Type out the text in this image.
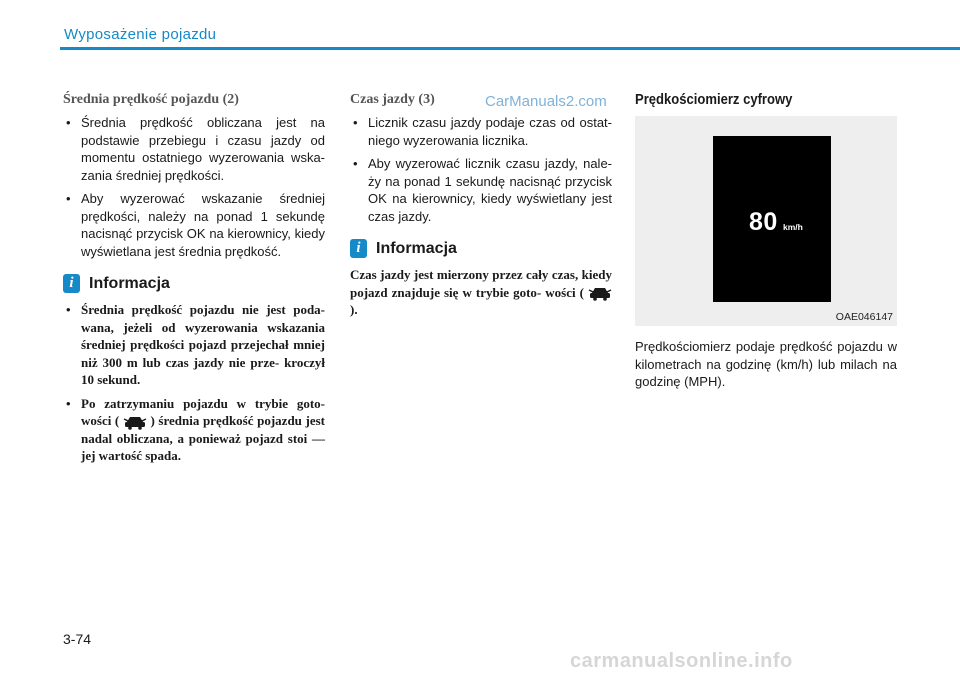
Wyposażenie pojazdu
CarManuals2.com
Średnia prędkość pojazdu (2)
• Średnia prędkość obliczana jest na podstawie przebiegu i czasu jazdy od momentu ostatniego wyzerowania wska- zania średniej prędkości.
• Aby wyzerować wskazanie średniej prędkości, należy na ponad 1 sekundę nacisnąć przycisk OK na kierownicy, kiedy wyświetlana jest średnia prędkość.
i Informacja
• Średnia prędkość pojazdu nie jest poda- wana, jeżeli od wyzerowania wskazania średniej prędkości pojazd przejechał mniej niż 300 m lub czas jazdy nie prze- kroczył 10 sekund.
• Po zatrzymaniu pojazdu w trybie goto- wości ( ) średnia prędkość pojazdu jest nadal obliczana, a ponieważ pojazd stoi — jej wartość spada.
Czas jazdy (3)
• Licznik czasu jazdy podaje czas od ostat- niego wyzerowania licznika.
• Aby wyzerować licznik czasu jazdy, nale- ży na ponad 1 sekundę nacisnąć przycisk OK na kierownicy, kiedy wyświetlany jest czas jazdy.
i Informacja

Czas jazdy jest mierzony przez cały czas, kiedy pojazd znajduje się w trybie goto- wości (  ).

Prędkościomierz cyfrowy
80 km/h
OAE046147

Prędkościomierz podaje prędkość pojazdu w kilometrach na godzinę (km/h) lub milach na godzinę (MPH).

3-74
carmanualsonline.info
